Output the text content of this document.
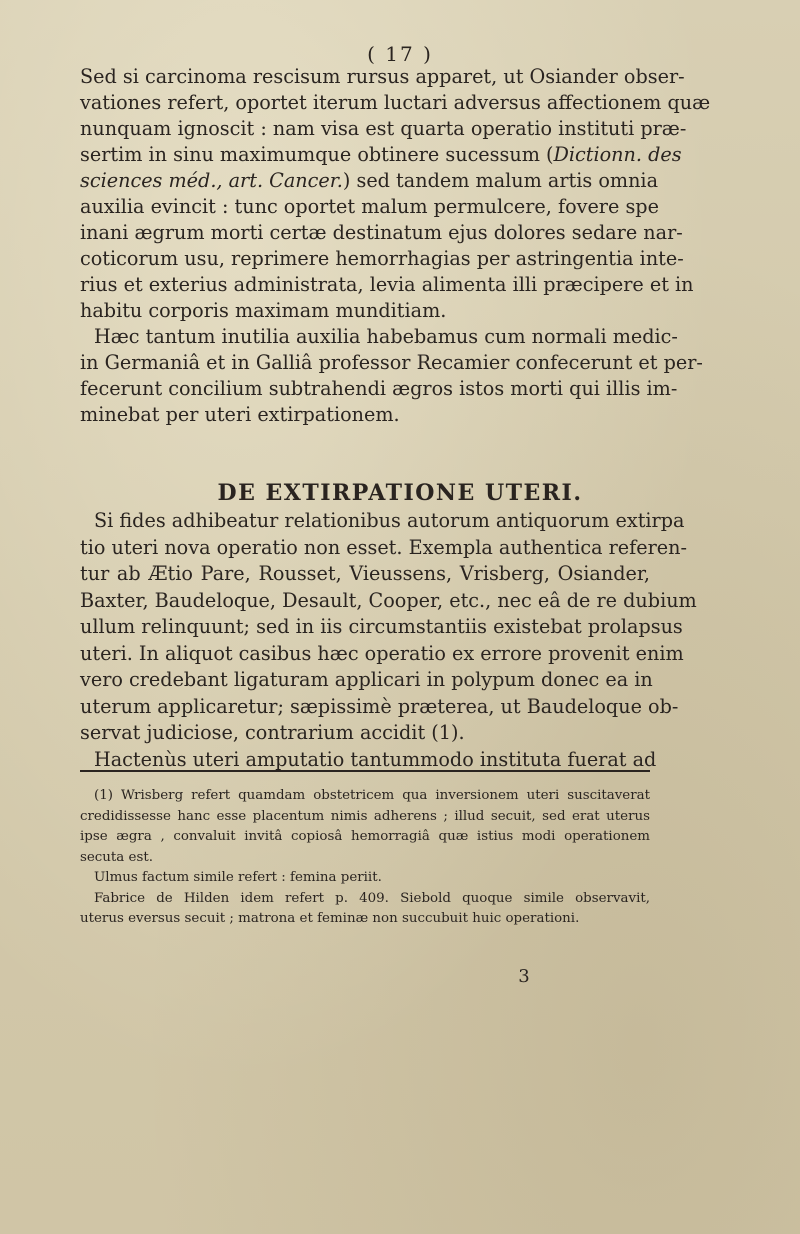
( 17 )
Sed si carcinoma rescisum rursus apparet, ut Osiander obser-
vationes refert, oportet iterum luctari adversus affectionem quæ
nunquam ignoscit : nam visa est quarta operatio instituti præ-
sertim in sinu maximumque obtinere sucessum (Dictionn. des
sciences méd., art. Cancer.) sed tandem malum artis omnia
auxilia evincit : tunc oportet malum permulcere, fovere spe
inani ægrum morti certæ destinatum ejus dolores sedare nar-
coticorum usu, reprimere hemorrhagias per astringentia inte-
rius et exterius administrata, levia alimenta illi præcipere et in
habitu corporis maximam munditiam.
Hæc tantum inutilia auxilia habebamus cum normali medic-
in Germaniâ et in Galliâ professor Recamier confecerunt et per-
fecerunt concilium subtrahendi ægros istos morti qui illis im-
minebat per uteri extirpationem.
DE EXTIRPATIONE UTERI.
Si fides adhibeatur relationibus autorum antiquorum extirpa
tio uteri nova operatio non esset. Exempla authentica referen-
tur ab Ætio Pare, Rousset, Vieussens, Vrisberg, Osiander,
Baxter, Baudeloque, Desault, Cooper, etc., nec eâ de re dubium
ullum relinquunt; sed in iis circumstantiis existebat prolapsus
uteri. In aliquot casibus hæc operatio ex errore provenit enim
vero credebant ligaturam applicari in polypum donec ea in
uterum applicaretur; sæpissimè præterea, ut Baudeloque ob-
servat judiciose, contrarium accidit (1).
Hactenùs uteri amputatio tantummodo instituta fuerat ad
(1) Wrisberg refert quamdam obstetricem qua inversionem uteri suscitaverat
credidissesse hanc esse placentum nimis adherens ; illud secuit, sed erat uterus
ipse ægra , convaluit invitâ copiosâ hemorragiâ quæ istius modi operationem
secuta est.
Ulmus factum simile refert : femina periit.
Fabrice de Hilden idem refert p. 409. Siebold quoque simile observavit,
uterus eversus secuit ; matrona et feminæ non succubuit huic operationi.
3
